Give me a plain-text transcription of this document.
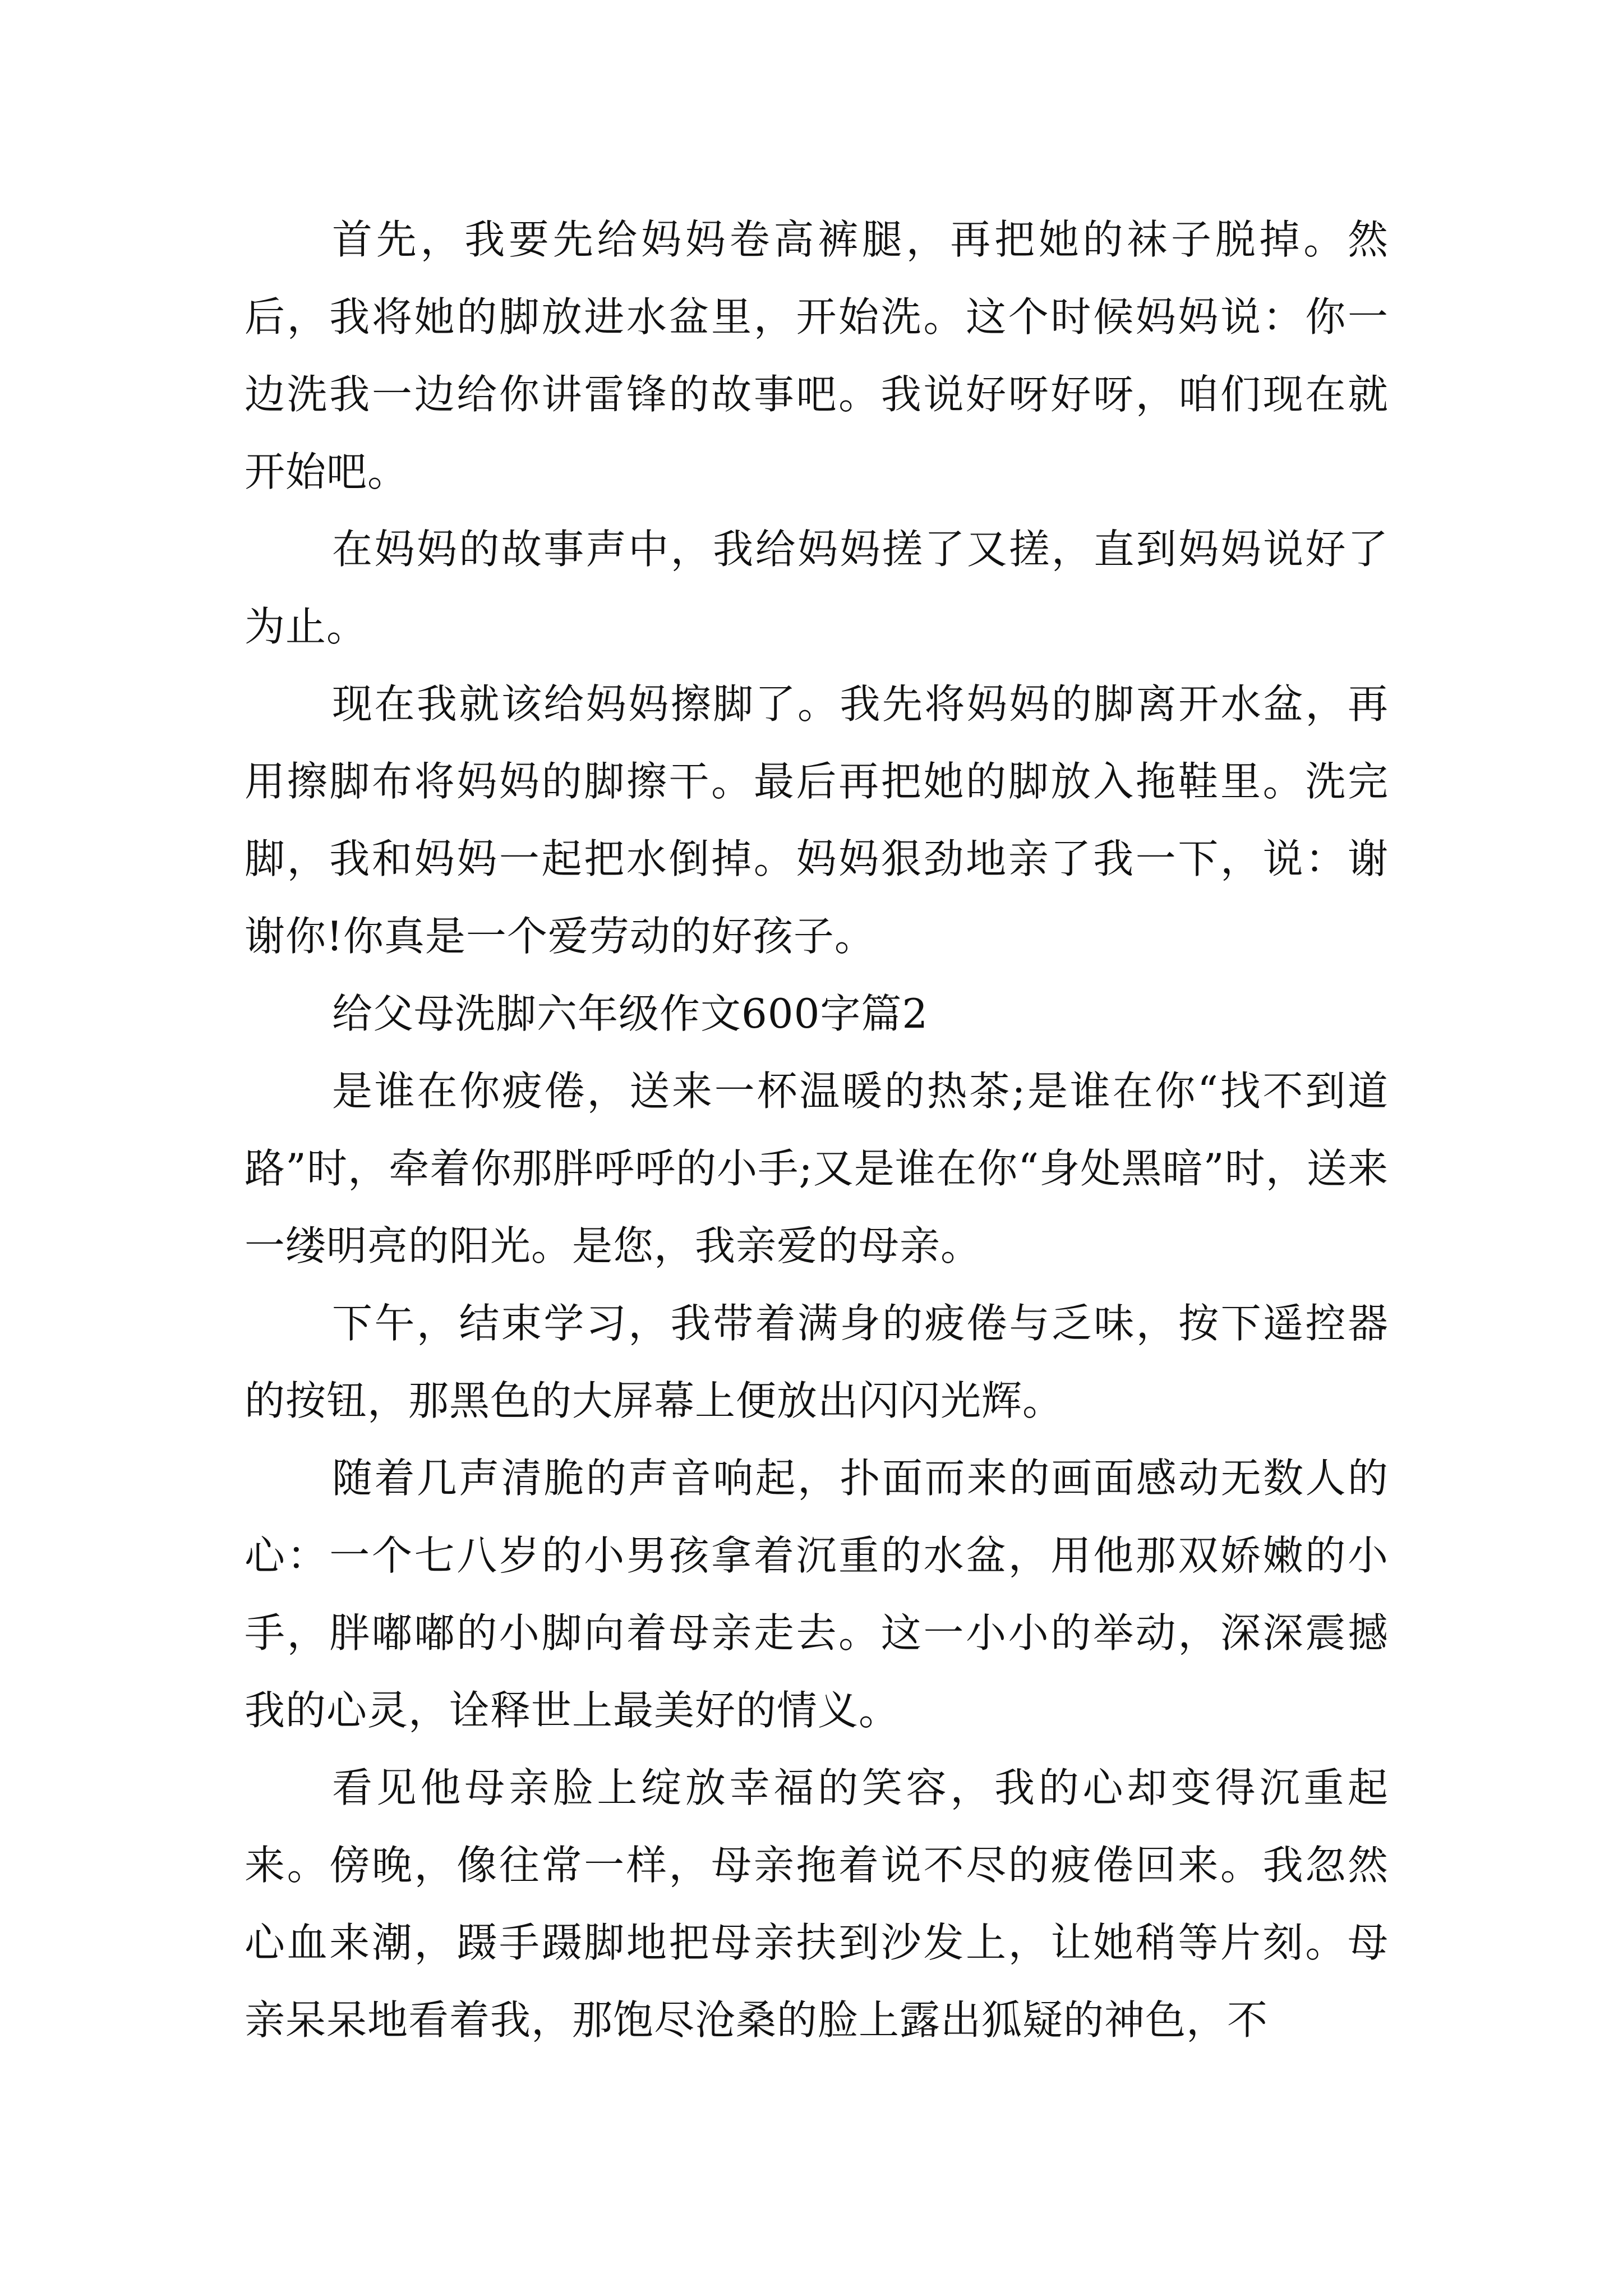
首先，我要先给妈妈卷高裤腿，再把她的袜子脱掉。然后，我将她的脚放进水盆里，开始洗。这个时候妈妈说：你一边洗我一边给你讲雷锋的故事吧。我说好呀好呀，咱们现在就开始吧。

在妈妈的故事声中，我给妈妈搓了又搓，直到妈妈说好了为止。

现在我就该给妈妈擦脚了。我先将妈妈的脚离开水盆，再用擦脚布将妈妈的脚擦干。最后再把她的脚放入拖鞋里。洗完脚，我和妈妈一起把水倒掉。妈妈狠劲地亲了我一下，说：谢谢你!你真是一个爱劳动的好孩子。

给父母洗脚六年级作文600字篇2

是谁在你疲倦，送来一杯温暖的热茶;是谁在你“找不到道路”时，牵着你那胖呼呼的小手;又是谁在你“身处黑暗”时，送来一缕明亮的阳光。是您，我亲爱的母亲。

下午，结束学习，我带着满身的疲倦与乏味，按下遥控器的按钮，那黑色的大屏幕上便放出闪闪光辉。

随着几声清脆的声音响起，扑面而来的画面感动无数人的心：一个七八岁的小男孩拿着沉重的水盆，用他那双娇嫩的小手，胖嘟嘟的小脚向着母亲走去。这一小小的举动，深深震撼我的心灵，诠释世上最美好的情义。

看见他母亲脸上绽放幸福的笑容，我的心却变得沉重起来。傍晚，像往常一样，母亲拖着说不尽的疲倦回来。我忽然心血来潮，蹑手蹑脚地把母亲扶到沙发上，让她稍等片刻。母亲呆呆地看着我，那饱尽沧桑的脸上露出狐疑的神色，不
